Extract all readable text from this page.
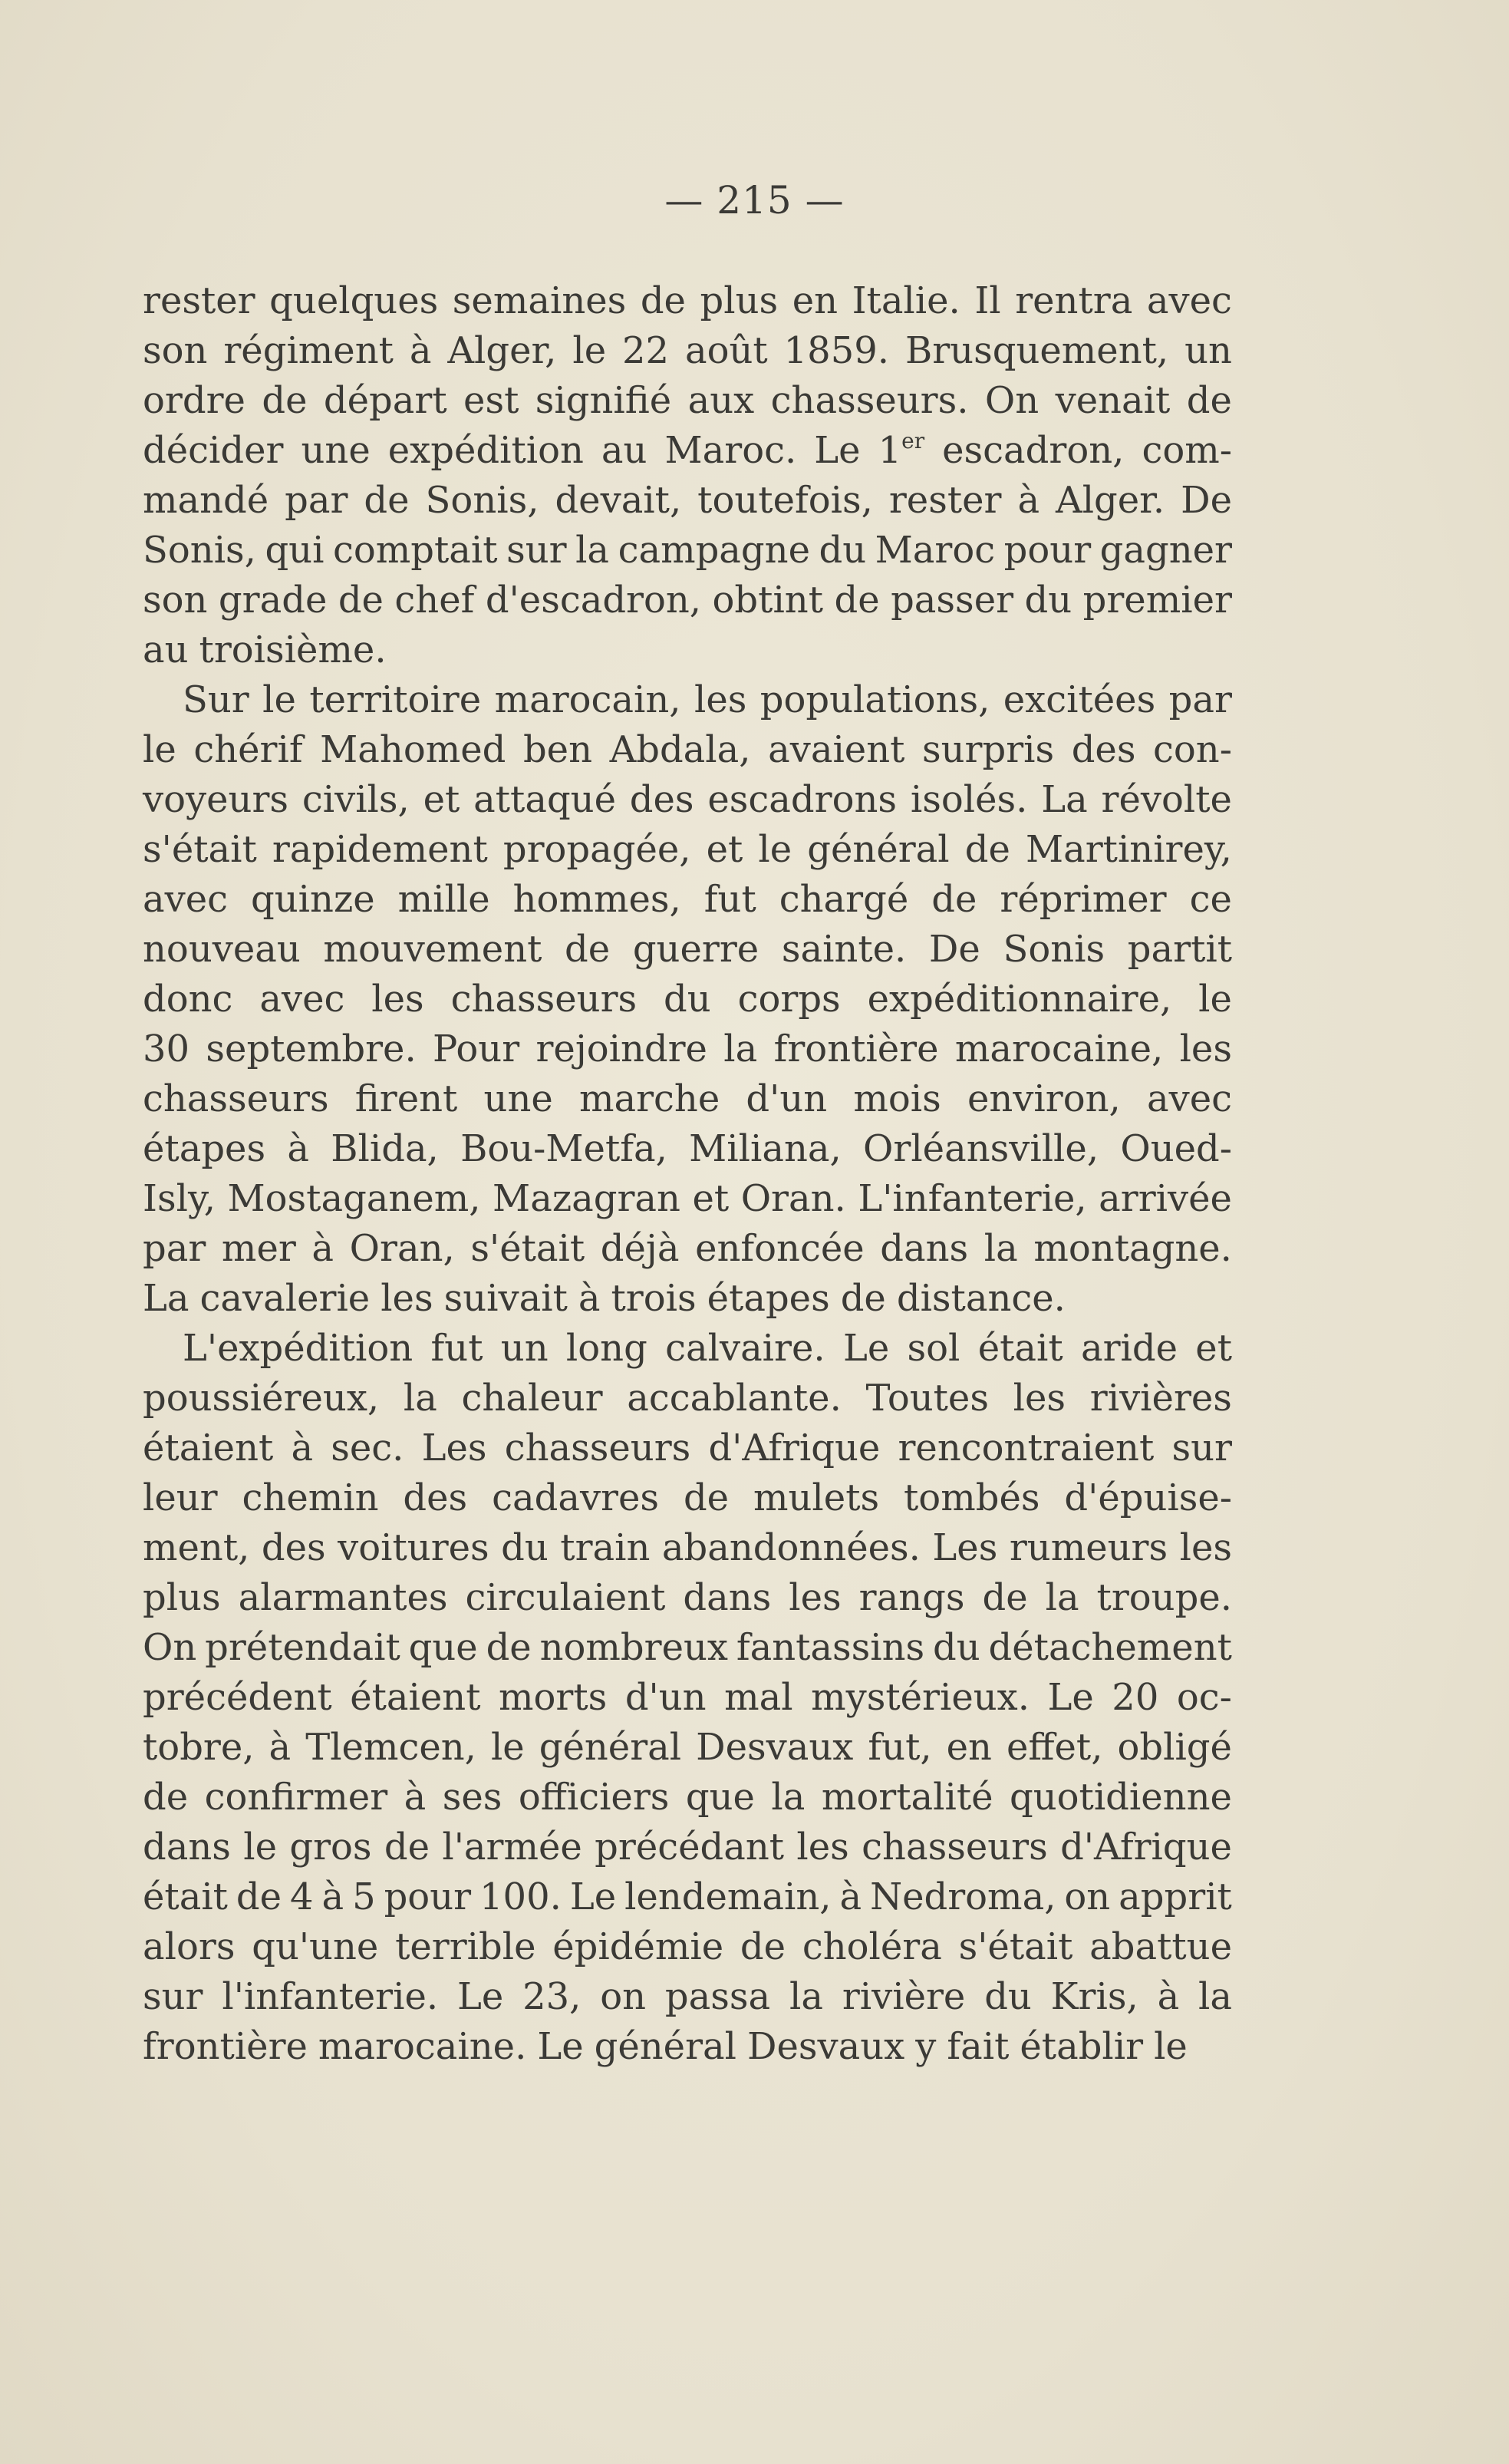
— 215 —
rester quelques semaines de plus en Italie. Il rentra avec
son régiment à Alger, le 22 août 1859. Brusquement, un
ordre de départ est signifié aux chasseurs. On venait de
décider une expédition au Maroc. Le 1er escadron, com-
mandé par de Sonis, devait, toutefois, rester à Alger. De
Sonis, qui comptait sur la campagne du Maroc pour gagner
son grade de chef d'escadron, obtint de passer du premier
au troisième.
Sur le territoire marocain, les populations, excitées par
le chérif Mahomed ben Abdala, avaient surpris des con-
voyeurs civils, et attaqué des escadrons isolés. La révolte
s'était rapidement propagée, et le général de Martinirey,
avec quinze mille hommes, fut chargé de réprimer ce
nouveau mouvement de guerre sainte. De Sonis partit
donc avec les chasseurs du corps expéditionnaire, le
30 septembre. Pour rejoindre la frontière marocaine, les
chasseurs firent une marche d'un mois environ, avec
étapes à Blida, Bou-Metfa, Miliana, Orléansville, Oued-
Isly, Mostaganem, Mazagran et Oran. L'infanterie, arrivée
par mer à Oran, s'était déjà enfoncée dans la montagne.
La cavalerie les suivait à trois étapes de distance.
L'expédition fut un long calvaire. Le sol était aride et
poussiéreux, la chaleur accablante. Toutes les rivières
étaient à sec. Les chasseurs d'Afrique rencontraient sur
leur chemin des cadavres de mulets tombés d'épuise-
ment, des voitures du train abandonnées. Les rumeurs les
plus alarmantes circulaient dans les rangs de la troupe.
On prétendait que de nombreux fantassins du détachement
précédent étaient morts d'un mal mystérieux. Le 20 oc-
tobre, à Tlemcen, le général Desvaux fut, en effet, obligé
de confirmer à ses officiers que la mortalité quotidienne
dans le gros de l'armée précédant les chasseurs d'Afrique
était de 4 à 5 pour 100. Le lendemain, à Nedroma, on apprit
alors qu'une terrible épidémie de choléra s'était abattue
sur l'infanterie. Le 23, on passa la rivière du Kris, à la
frontière marocaine. Le général Desvaux y fait établir le
